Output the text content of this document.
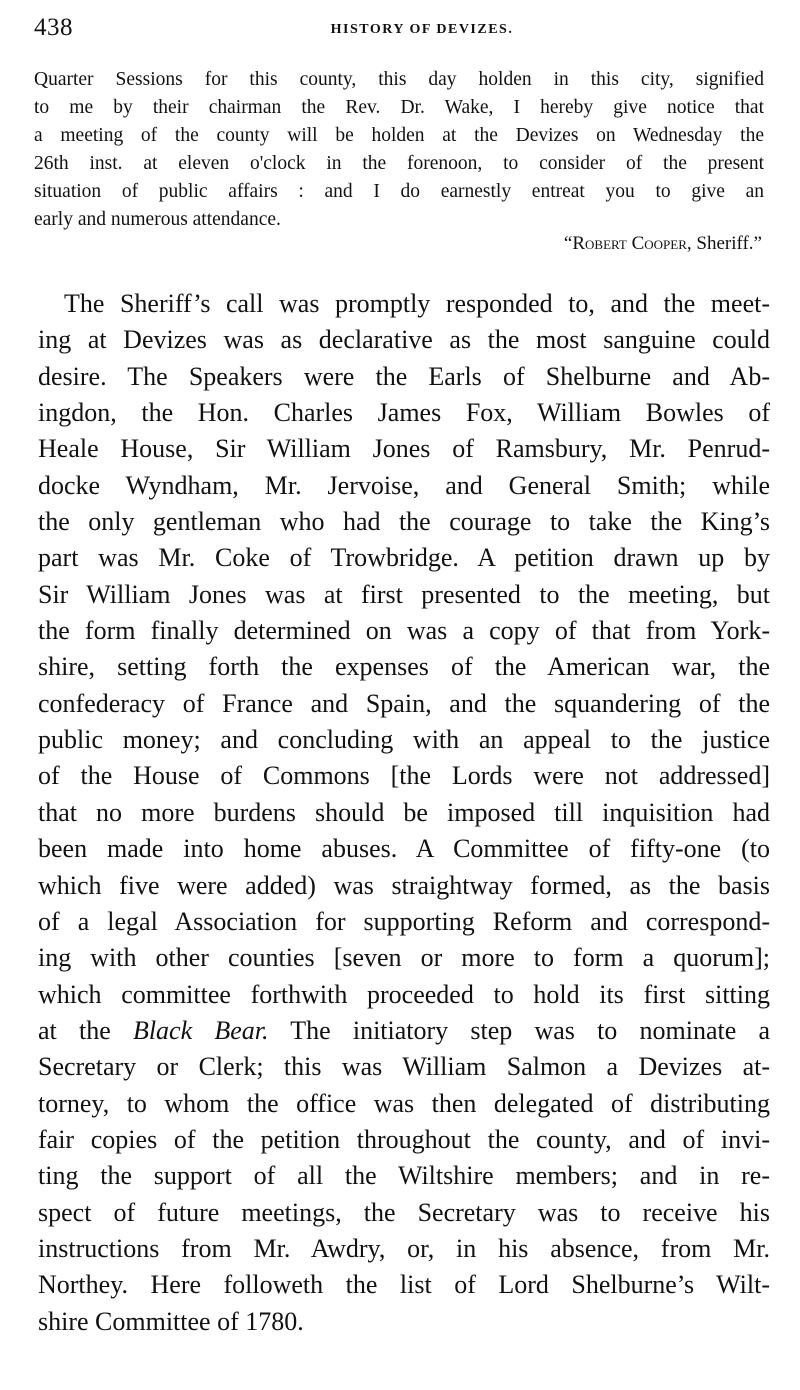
438	HISTORY OF DEVIZES.
Quarter Sessions for this county, this day holden in this city, signified
to me by their chairman the Rev. Dr. Wake, I hereby give notice that
a meeting of the county will be holden at the Devizes on Wednesday the
26th inst. at eleven o'clock in the forenoon, to consider of the present
situation of public affairs : and I do earnestly entreat you to give an
early and numerous attendance.
“Robert Cooper, Sheriff.”
The Sheriff’s call was promptly responded to, and the meet-
ing at Devizes was as declarative as the most sanguine could
desire. The Speakers were the Earls of Shelburne and Ab-
ingdon, the Hon. Charles James Fox, William Bowles of
Heale House, Sir William Jones of Ramsbury, Mr. Penrud-
docke Wyndham, Mr. Jervoise, and General Smith; while
the only gentleman who had the courage to take the King’s
part was Mr. Coke of Trowbridge. A petition drawn up by
Sir William Jones was at first presented to the meeting, but
the form finally determined on was a copy of that from York-
shire, setting forth the expenses of the American war, the
confederacy of France and Spain, and the squandering of the
public money; and concluding with an appeal to the justice
of the House of Commons [the Lords were not addressed]
that no more burdens should be imposed till inquisition had
been made into home abuses. A Committee of fifty-one (to
which five were added) was straightway formed, as the basis
of a legal Association for supporting Reform and correspond-
ing with other counties [seven or more to form a quorum];
which committee forthwith proceeded to hold its first sitting
at the Black Bear. The initiatory step was to nominate a
Secretary or Clerk; this was William Salmon a Devizes at-
torney, to whom the office was then delegated of distributing
fair copies of the petition throughout the county, and of invi-
ting the support of all the Wiltshire members; and in re-
spect of future meetings, the Secretary was to receive his
instructions from Mr. Awdry, or, in his absence, from Mr.
Northey. Here followeth the list of Lord Shelburne’s Wilt-
shire Committee of 1780.
